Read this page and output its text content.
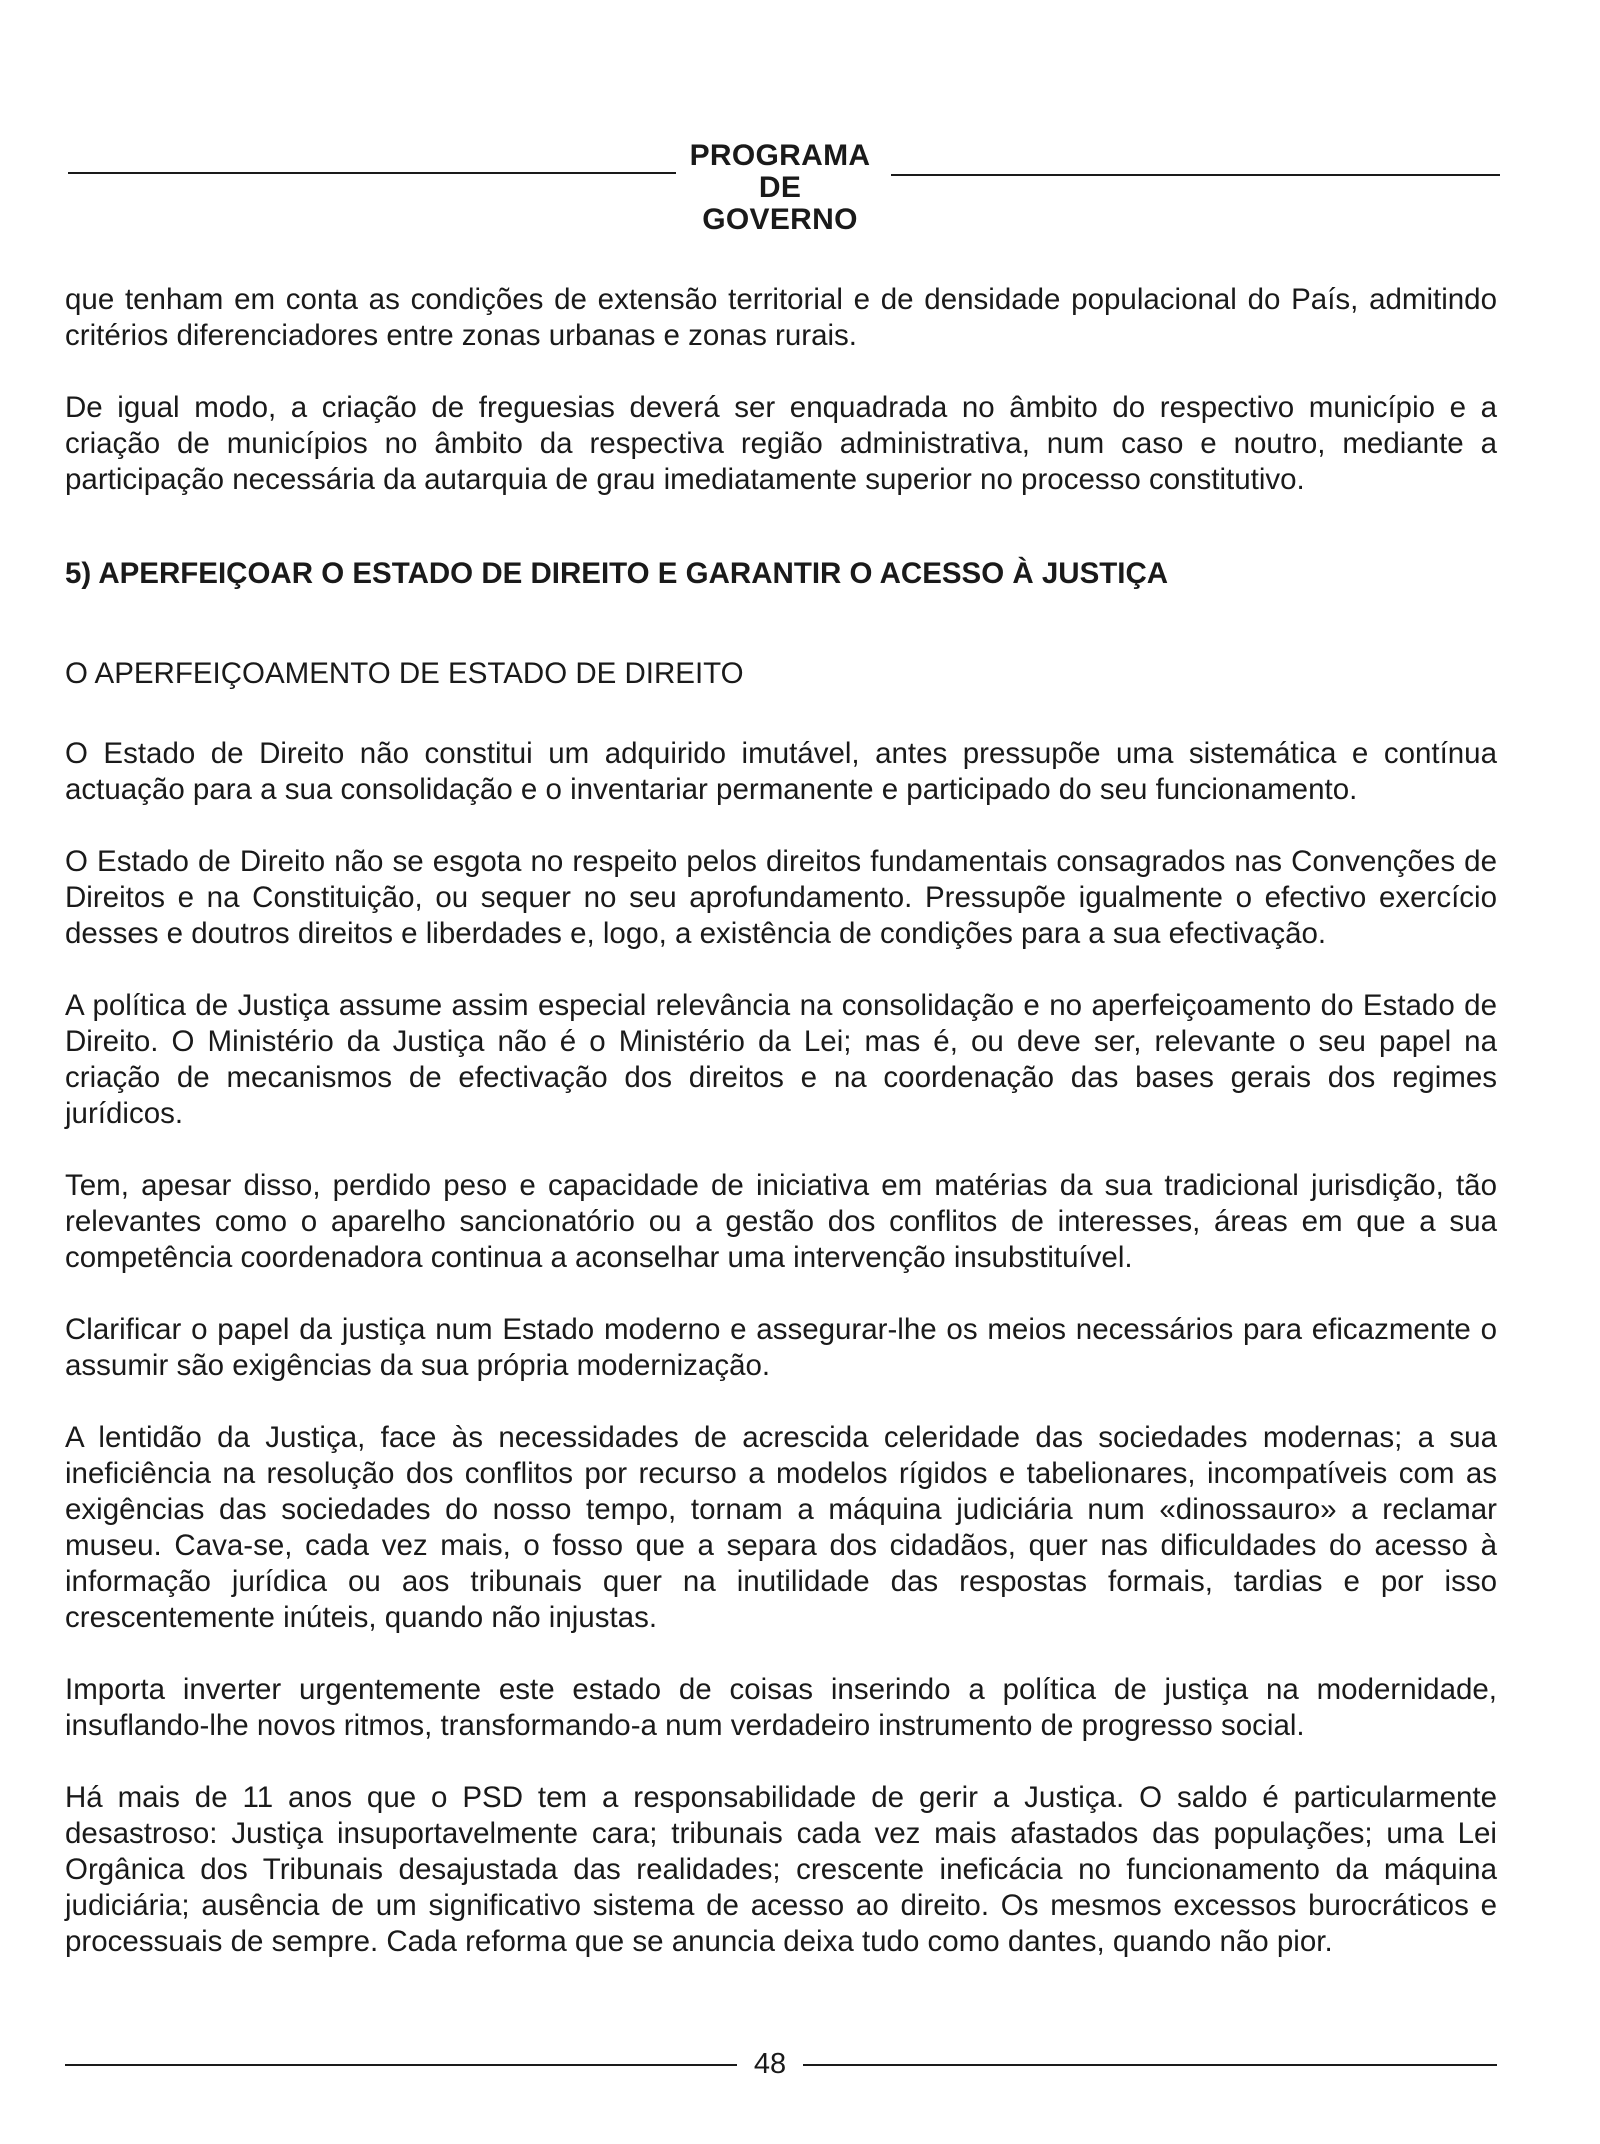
PROGRAMA
DE GOVERNO

que tenham em conta as condições de extensão territorial e de densidade populacional do País, admitindo critérios diferenciadores entre zonas urbanas e zonas rurais.

De igual modo, a criação de freguesias deverá ser enquadrada no âmbito do respectivo município e a criação de municípios no âmbito da respectiva região administrativa, num caso e noutro, mediante a participação necessária da autarquia de grau imediatamente superior no processo constitutivo.

5) APERFEIÇOAR O ESTADO DE DIREITO E GARANTIR O ACESSO À JUSTIÇA
O APERFEIÇOAMENTO DE ESTADO DE DIREITO

O Estado de Direito não constitui um adquirido imutável, antes pressupõe uma sistemática e contínua actuação para a sua consolidação e o inventariar permanente e participado do seu funcionamento.

O Estado de Direito não se esgota no respeito pelos direitos fundamentais consagrados nas Convenções de Direitos e na Constituição, ou sequer no seu aprofundamento. Pressupõe igualmente o efectivo exercício desses e doutros direitos e liberdades e, logo, a existência de condições para a sua efectivação.

A política de Justiça assume assim especial relevância na consolidação e no aperfeiçoamento do Estado de Direito. O Ministério da Justiça não é o Ministério da Lei; mas é, ou deve ser, relevante o seu papel na criação de mecanismos de efectivação dos direitos e na coordenação das bases gerais dos regimes jurídicos.

Tem, apesar disso, perdido peso e capacidade de iniciativa em matérias da sua tradicional jurisdição, tão relevantes como o aparelho sancionatório ou a gestão dos conflitos de interesses, áreas em que a sua competência coordenadora continua a aconselhar uma intervenção insubstituível.

Clarificar o papel da justiça num Estado moderno e assegurar-lhe os meios necessários para eficazmente o assumir são exigências da sua própria modernização.

A lentidão da Justiça, face às necessidades de acrescida celeridade das sociedades modernas; a sua ineficiência na resolução dos conflitos por recurso a modelos rígidos e tabelionares, incompatíveis com as exigências das sociedades do nosso tempo, tornam a máquina judiciária num «dinossauro» a reclamar museu. Cava-se, cada vez mais, o fosso que a separa dos cidadãos, quer nas dificuldades do acesso à informação jurídica ou aos tribunais quer na inutilidade das respostas formais, tardias e por isso crescentemente inúteis, quando não injustas.

Importa inverter urgentemente este estado de coisas inserindo a política de justiça na modernidade, insuflando-lhe novos ritmos, transformando-a num verdadeiro instrumento de progresso social.

Há mais de 11 anos que o PSD tem a responsabilidade de gerir a Justiça. O saldo é particularmente desastroso: Justiça insuportavelmente cara; tribunais cada vez mais afastados das populações; uma Lei Orgânica dos Tribunais desajustada das realidades; crescente ineficácia no funcionamento da máquina judiciária; ausência de um significativo sistema de acesso ao direito. Os mesmos excessos burocráticos e processuais de sempre. Cada reforma que se anuncia deixa tudo como dantes, quando não pior.

48
